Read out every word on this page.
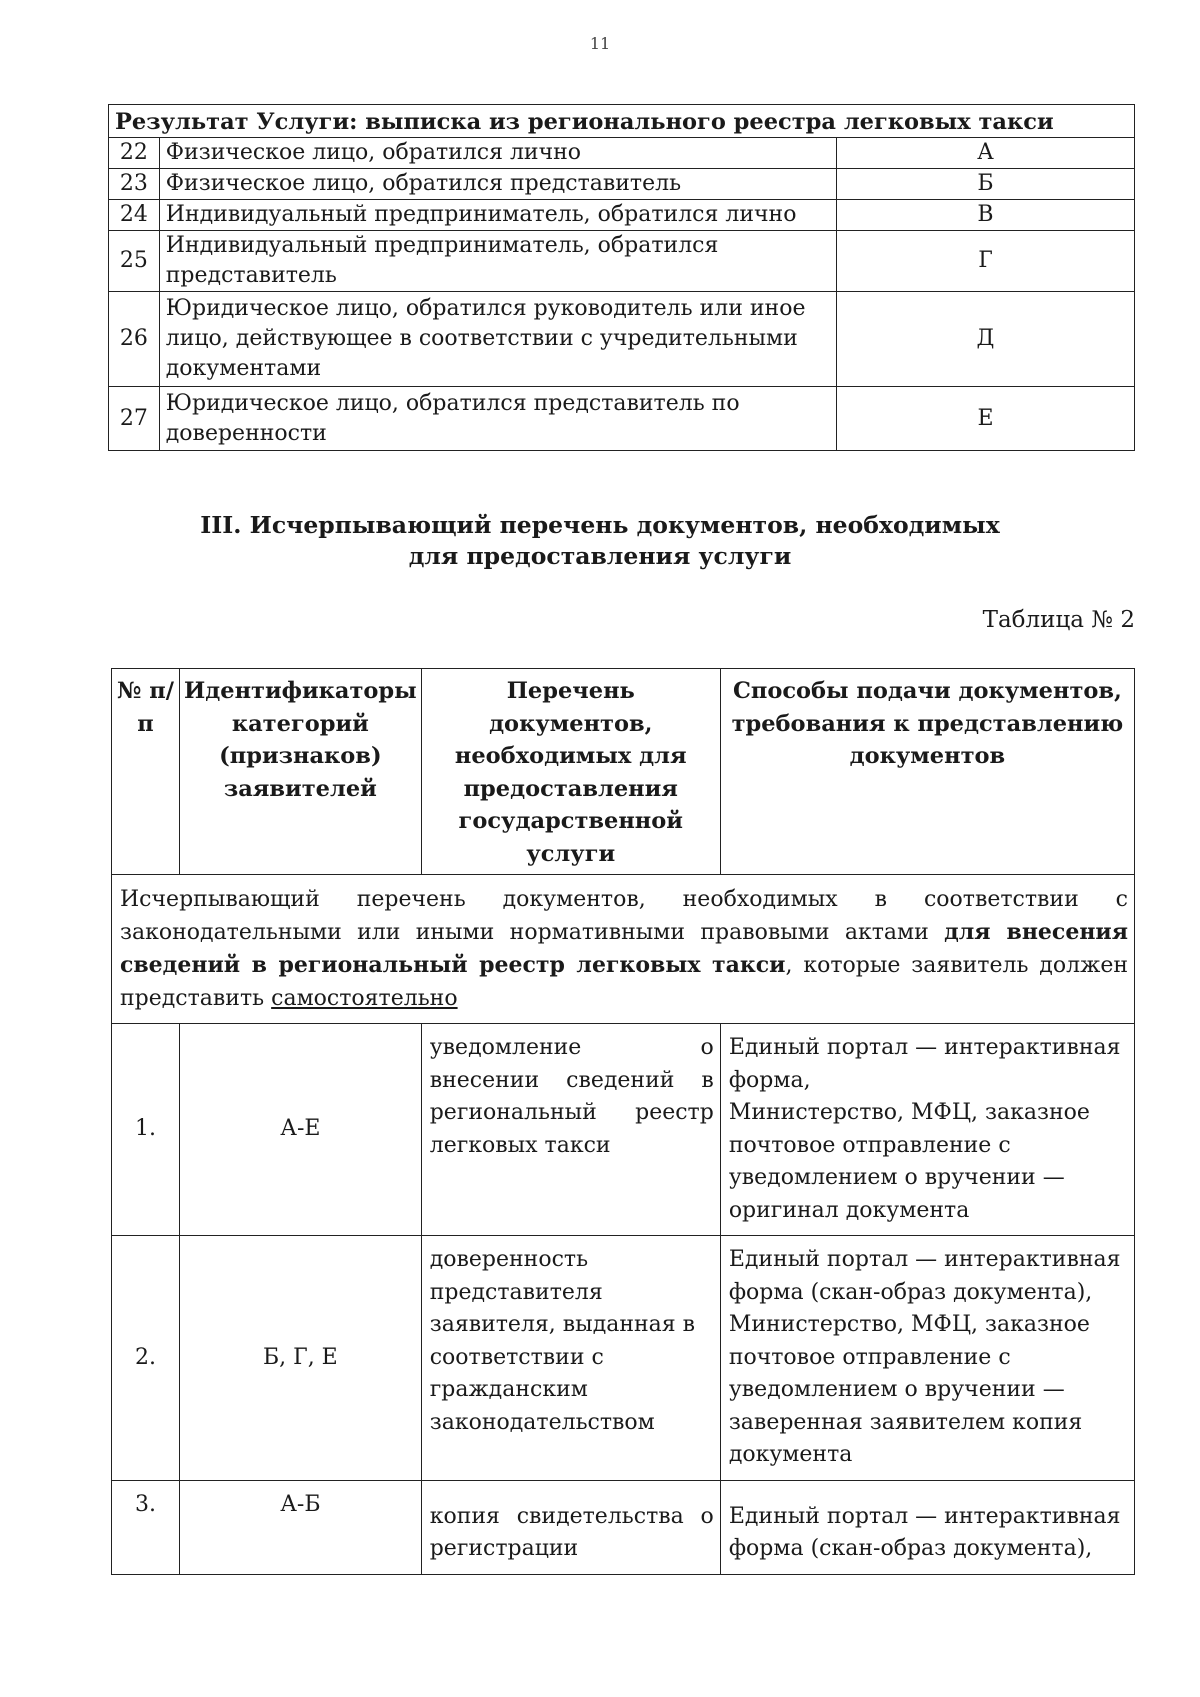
11
Результат Услуги: выписка из регионального реестра легковых такси		
22	Физическое лицо, обратился лично	А
23	Физическое лицо, обратился представитель	Б
24	Индивидуальный предприниматель, обратился лично	В
25	Индивидуальный предприниматель, обратился представитель	Г
26	Юридическое лицо, обратился руководитель или иное лицо, действующее в соответствии с учредительными документами	Д
27	Юридическое лицо, обратился представитель по доверенности	Е
III. Исчерпывающий перечень документов, необходимых
для предоставления услуги
Таблица № 2
№ п/п	Идентификаторы категорий (признаков) заявителей	Перечень документов, необходимых для предоставления государственной услуги	Способы подачи документов, требования к представлению документов
Исчерпывающий перечень документов, необходимых в соответствии с законодательными или иными нормативными правовыми актами для внесения сведений в региональный реестр легковых такси, которые заявитель должен представить самостоятельно			
1.	А-Е	уведомление о внесении сведений в региональный реестр легковых такси	Единый портал — интерактивная форма,
Министерство, МФЦ, заказное почтовое отправление с уведомлением о вручении — оригинал документа
2.	Б, Г, Е	доверенность представителя заявителя, выданная в соответствии с гражданским законодательством	Единый портал — интерактивная форма (скан-образ документа), Министерство, МФЦ, заказное почтовое отправление с уведомлением о вручении — заверенная заявителем копия документа
3.	А-Б	копия свидетельства о регистрации	Единый портал — интерактивная форма (скан-образ документа),
